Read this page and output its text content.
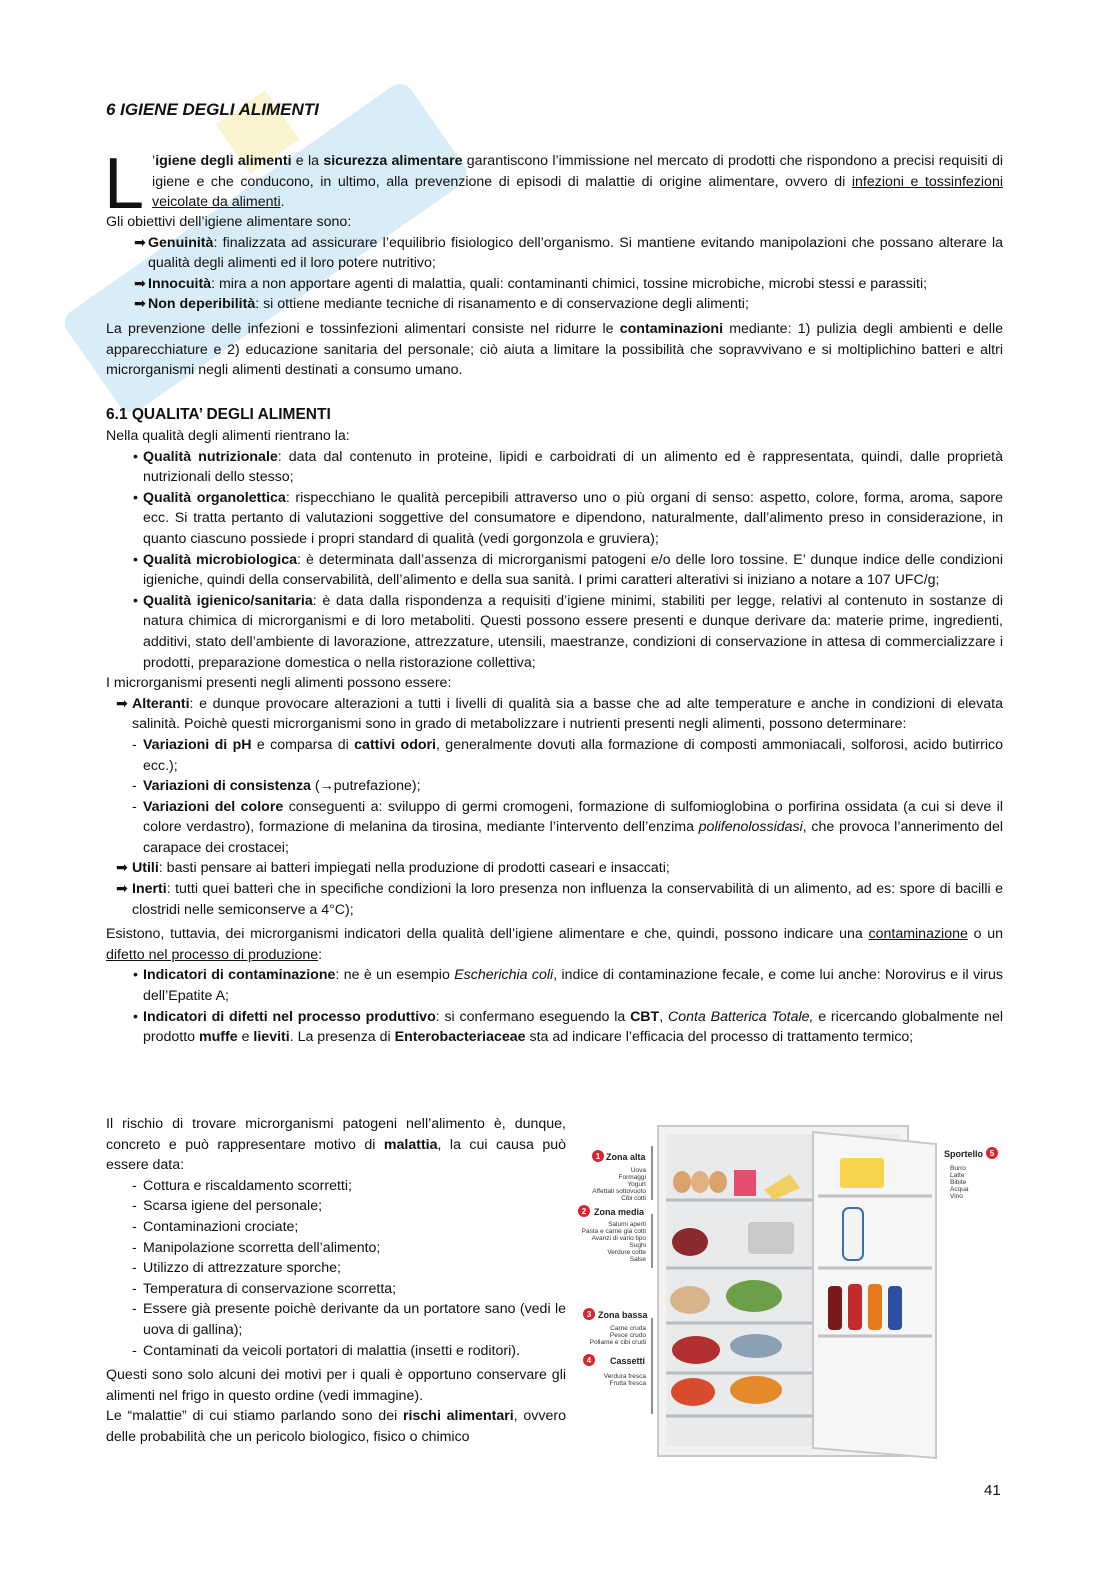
6 IGIENE DEGLI ALIMENTI
L ’igiene degli alimenti e la sicurezza alimentare garantiscono l’immissione nel mercato di prodotti che rispondono a precisi requisiti di igiene e che conducono, in ultimo, alla prevenzione di episodi di malattie di origine alimentare, ovvero di infezioni e tossinfezioni veicolate da alimenti.

Gli obiettivi dell’igiene alimentare sono:

➡ Genuinità: finalizzata ad assicurare l’equilibrio fisiologico dell’organismo. Si mantiene evitando manipolazioni che possano alterare la qualità degli alimenti ed il loro potere nutritivo;
➡ Innocuità: mira a non apportare agenti di malattia, quali: contaminanti chimici, tossine microbiche, microbi stessi e parassiti;
➡ Non deperibilità: si ottiene mediante tecniche di risanamento e di conservazione degli alimenti;

La prevenzione delle infezioni e tossinfezioni alimentari consiste nel ridurre le contaminazioni mediante: 1) pulizia degli ambienti e delle apparecchiature e 2) educazione sanitaria del personale; ciò aiuta a limitare la possibilità che sopravvivano e si moltiplichino batteri e altri microrganismi negli alimenti destinati a consumo umano.

6.1 QUALITA’ DEGLI ALIMENTI

Nella qualità degli alimenti rientrano la:

• Qualità nutrizionale: data dal contenuto in proteine, lipidi e carboidrati di un alimento ed è rappresentata, quindi, dalle proprietà nutrizionali dello stesso;
• Qualità organolettica: rispecchiano le qualità percepibili attraverso uno o più organi di senso: aspetto, colore, forma, aroma, sapore ecc. Si tratta pertanto di valutazioni soggettive del consumatore e dipendono, naturalmente, dall’alimento preso in considerazione, in quanto ciascuno possiede i propri standard di qualità (vedi gorgonzola e gruviera);
• Qualità microbiologica: è determinata dall’assenza di microrganismi patogeni e/o delle loro tossine. E’ dunque indice delle condizioni igieniche, quindi della conservabilità, dell’alimento e della sua sanità. I primi caratteri alterativi si iniziano a notare a 107 UFC/g;
• Qualità igienico/sanitaria: è data dalla rispondenza a requisiti d’igiene minimi, stabiliti per legge, relativi al contenuto in sostanze di natura chimica di microrganismi e di loro metaboliti. Questi possono essere presenti e dunque derivare da: materie prime, ingredienti, additivi, stato dell’ambiente di lavorazione, attrezzature, utensili, maestranze, condizioni di conservazione in attesa di commercializzare i prodotti, preparazione domestica o nella ristorazione collettiva;

I microrganismi presenti negli alimenti possono essere:

➡ Alteranti: e dunque provocare alterazioni a tutti i livelli di qualità sia a basse che ad alte temperature e anche in condizioni di elevata salinità. Poichè questi microrganismi sono in grado di metabolizzare i nutrienti presenti negli alimenti, possono determinare:
- Variazioni di pH e comparsa di cattivi odori, generalmente dovuti alla formazione di composti ammoniacali, solforosi, acido butirrico ecc.);
- Variazioni di consistenza (→putrefazione);
- Variazioni del colore conseguenti a: sviluppo di germi cromogeni, formazione di sulfomioglobina o porfirina ossidata (a cui si deve il colore verdastro), formazione di melanina da tirosina, mediante l’intervento dell’enzima polifenolossidasi, che provoca l’annerimento del carapace dei crostacei;
➡ Utili: basti pensare ai batteri impiegati nella produzione di prodotti caseari e insaccati;
➡ Inerti: tutti quei batteri che in specifiche condizioni la loro presenza non influenza la conservabilità di un alimento, ad es: spore di bacilli e clostridi nelle semiconserve a 4°C);

Esistono, tuttavia, dei microrganismi indicatori della qualità dell’igiene alimentare e che, quindi, possono indicare una contaminazione o un difetto nel processo di produzione:

• Indicatori di contaminazione: ne è un esempio Escherichia coli, indice di contaminazione fecale, e come lui anche: Norovirus e il virus dell’Epatite A;
• Indicatori di difetti nel processo produttivo: si confermano eseguendo la CBT, Conta Batterica Totale, e ricercando globalmente nel prodotto muffe e lieviti. La presenza di Enterobacteriaceae sta ad indicare l’efficacia del processo di trattamento termico;

Il rischio di trovare microrganismi patogeni nell’alimento è, dunque, concreto e può rappresentare motivo di malattia, la cui causa può essere data:

- Cottura e riscaldamento scorretti;
- Scarsa igiene del personale;
- Contaminazioni crociate;
- Manipolazione scorretta dell’alimento;
- Utilizzo di attrezzature sporche;
- Temperatura di conservazione scorretta;
- Essere già presente poichè derivante da un portatore sano (vedi le uova di gallina);
- Contaminati da veicoli portatori di malattia (insetti e roditori).

Questi sono solo alcuni dei motivi per i quali è opportuno conservare gli alimenti nel frigo in questo ordine (vedi immagine).

Le “malattie” di cui stiamo parlando sono dei rischi alimentari, ovvero delle probabilità che un pericolo biologico, fisico o chimico

1 Zona alta
2 Zona media
3 Zona bassa
4 Cassetti
Sportello 5
Uova
Formaggi
Yogurt
Affettati sottovuoto
Cibi cotti
Salumi aperti
Pasta e carne già cotti
Avanzi di vario tipo
Sughi
Verdure cotte
Salse
Carne cruda
Pesce crudo
Pollame e cibi crudi
Verdura fresca
Frutta fresca
Burro
Latte
Bibite
Acqua
Vino
41
